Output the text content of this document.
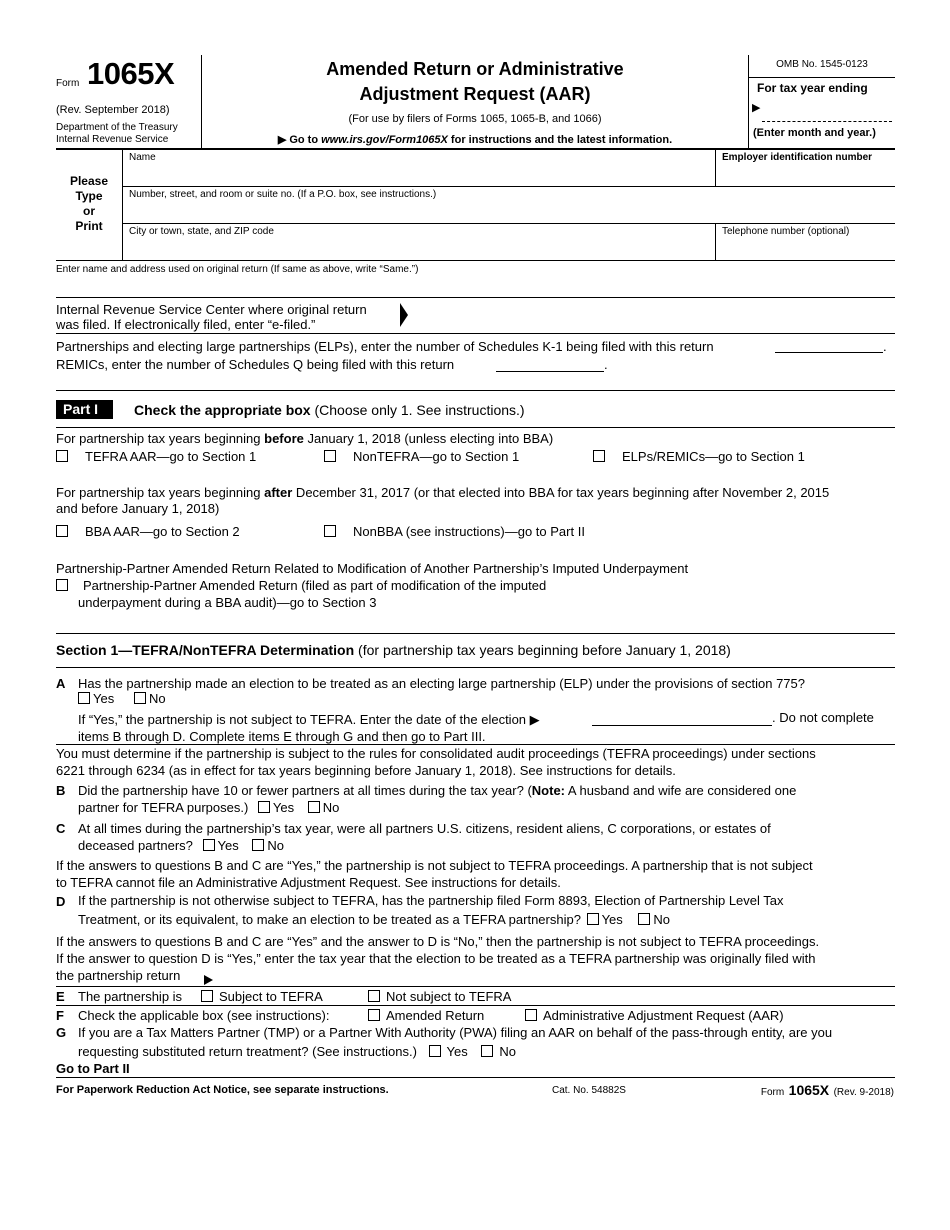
Form 1065X
(Rev. September 2018)
Department of the Treasury
Internal Revenue Service
Amended Return or Administrative
Adjustment Request (AAR)
(For use by filers of Forms 1065, 1065-B, and 1066)
▶ Go to www.irs.gov/Form1065X for instructions and the latest information.
OMB No. 1545-0123
For tax year ending
▶
(Enter month and year.)
Please
Type
or
Print
Name	Employer identification number
Number, street, and room or suite no. (If a P.O. box, see instructions.)
City or town, state, and ZIP code	Telephone number (optional)
Enter name and address used on original return (If same as above, write “Same.”)
Internal Revenue Service Center where original return
was filed. If electronically filed, enter “e-filed.”
Partnerships and electing large partnerships (ELPs), enter the number of Schedules K-1 being filed with this return	.
REMICs, enter the number of Schedules Q being filed with this return	.
Part I	Check the appropriate box (Choose only 1. See instructions.)
For partnership tax years beginning before January 1, 2018 (unless electing into BBA)
TEFRA AAR—go to Section 1	NonTEFRA—go to Section 1	ELPs/REMICs—go to Section 1
For partnership tax years beginning after December 31, 2017 (or that elected into BBA for tax years beginning after November 2, 2015
and before January 1, 2018)
BBA AAR—go to Section 2	NonBBA (see instructions)—go to Part II
Partnership-Partner Amended Return Related to Modification of Another Partnership’s Imputed Underpayment
Partnership-Partner Amended Return (filed as part of modification of the imputed
underpayment during a BBA audit)—go to Section 3
Section 1—TEFRA/NonTEFRA Determination (for partnership tax years beginning before January 1, 2018)
A Has the partnership made an election to be treated as an electing large partnership (ELP) under the provisions of section 775?
Yes	No
If “Yes,” the partnership is not subject to TEFRA. Enter the date of the election ▶	. Do not complete
items B through D. Complete items E through G and then go to Part III.
You must determine if the partnership is subject to the rules for consolidated audit proceedings (TEFRA proceedings) under sections
6221 through 6234 (as in effect for tax years beginning before January 1, 2018). See instructions for details.
B Did the partnership have 10 or fewer partners at all times during the tax year? (Note: A husband and wife are considered one
partner for TEFRA purposes.) Yes No
C At all times during the partnership’s tax year, were all partners U.S. citizens, resident aliens, C corporations, or estates of
deceased partners? Yes No
If the answers to questions B and C are “Yes,” the partnership is not subject to TEFRA proceedings. A partnership that is not subject
to TEFRA cannot file an Administrative Adjustment Request. See instructions for details.
D If the partnership is not otherwise subject to TEFRA, has the partnership filed Form 8893, Election of Partnership Level Tax
Treatment, or its equivalent, to make an election to be treated as a TEFRA partnership? Yes No
If the answers to questions B and C are “Yes” and the answer to D is “No,” then the partnership is not subject to TEFRA proceedings.
If the answer to question D is “Yes,” enter the tax year that the election to be treated as a TEFRA partnership was originally filed with
the partnership return
E The partnership is	Subject to TEFRA	Not subject to TEFRA
F Check the applicable box (see instructions):	Amended Return	Administrative Adjustment Request (AAR)
G If you are a Tax Matters Partner (TMP) or a Partner With Authority (PWA) filing an AAR on behalf of the pass-through entity, are you
requesting substituted return treatment? (See instructions.) Yes No
Go to Part II
For Paperwork Reduction Act Notice, see separate instructions.	Cat. No. 54882S	Form 1065X (Rev. 9-2018)
